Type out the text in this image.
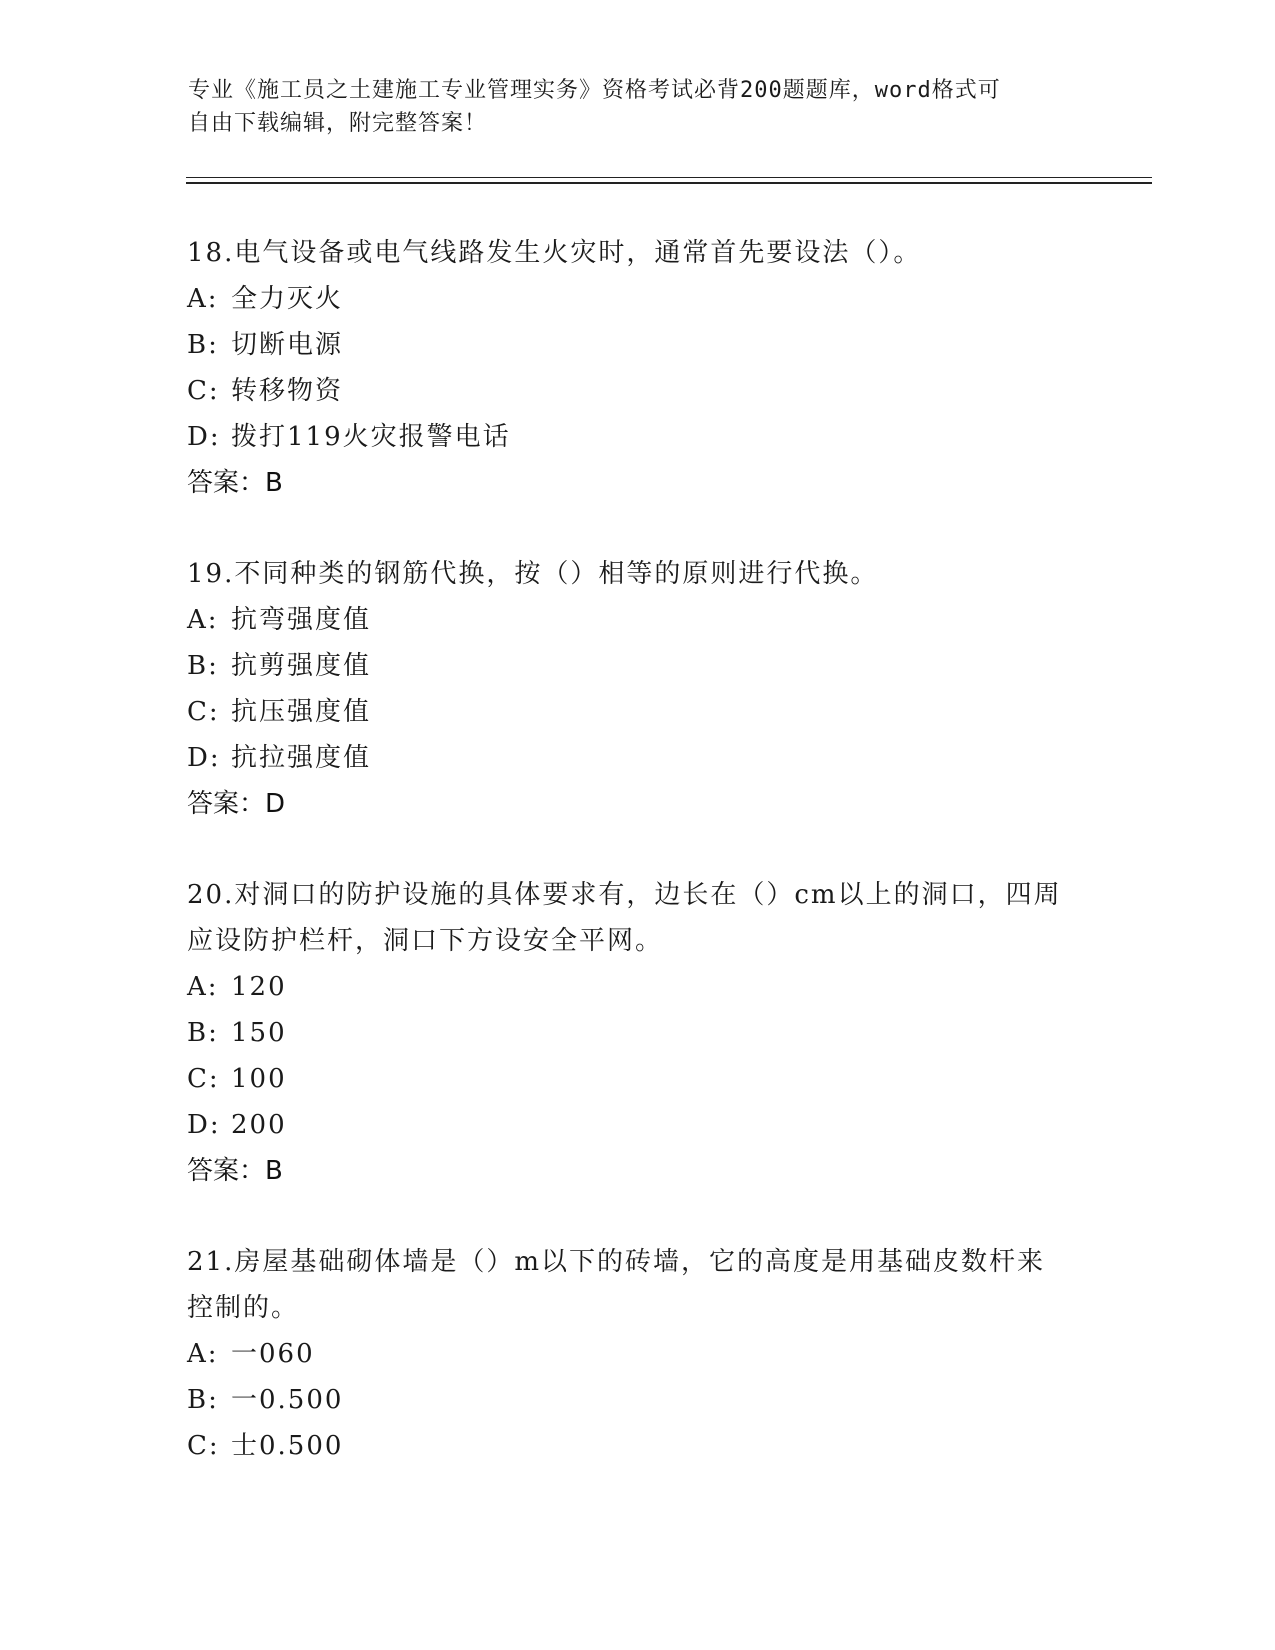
专业《施工员之土建施工专业管理实务》资格考试必背200题题库，word格式可
自由下载编辑，附完整答案！
18.电气设备或电气线路发生火灾时，通常首先要设法（）。
A: 全力灭火
B: 切断电源
C: 转移物资
D: 拨打119火灾报警电话
答案：B
19.不同种类的钢筋代换，按（）相等的原则进行代换。
A: 抗弯强度值
B: 抗剪强度值
C: 抗压强度值
D: 抗拉强度值
答案：D
20.对洞口的防护设施的具体要求有，边长在（）cm以上的洞口，四周
应设防护栏杆，洞口下方设安全平网。
A: 120
B: 150
C: 100
D: 200
答案：B
21.房屋基础砌体墙是（）m以下的砖墙，它的高度是用基础皮数杆来
控制的。
A: 一060
B: 一0.500
C: 士0.500
